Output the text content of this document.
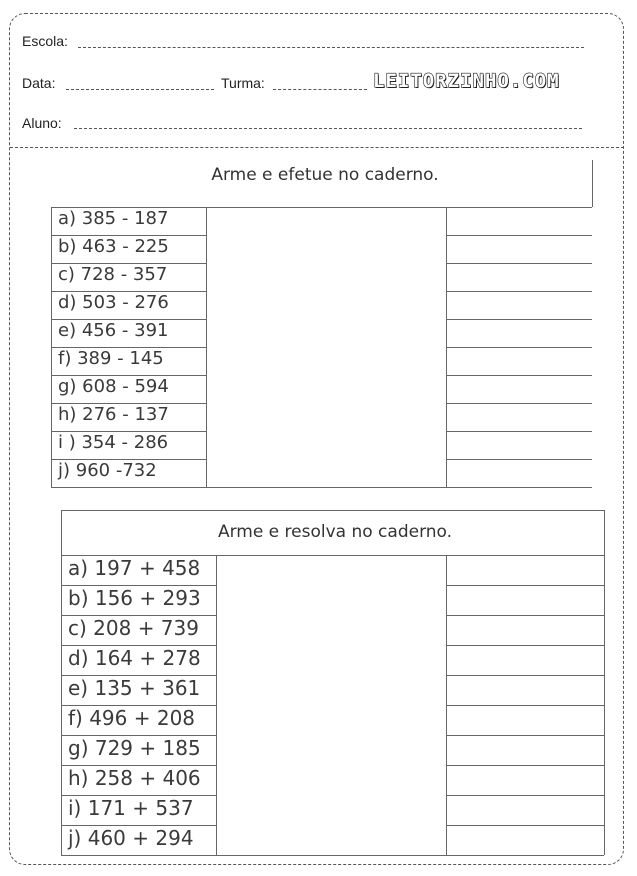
Escola:
Data:	Turma:	LEITORZINHO.COM
Aluno:
Arme e efetue no caderno.
Arme e resolva no caderno.
a) 385 - 187
b) 463 - 225
c) 728 - 357
d) 503 - 276
e) 456 - 391
f) 389 - 145
g) 608 - 594
h) 276 - 137
i ) 354 - 286
j) 960 -732
a) 197 + 458
b) 156 + 293
c) 208 + 739
d) 164 + 278
e) 135 + 361
f) 496 + 208
g) 729 + 185
h) 258 + 406
i) 171 + 537
j) 460 + 294
